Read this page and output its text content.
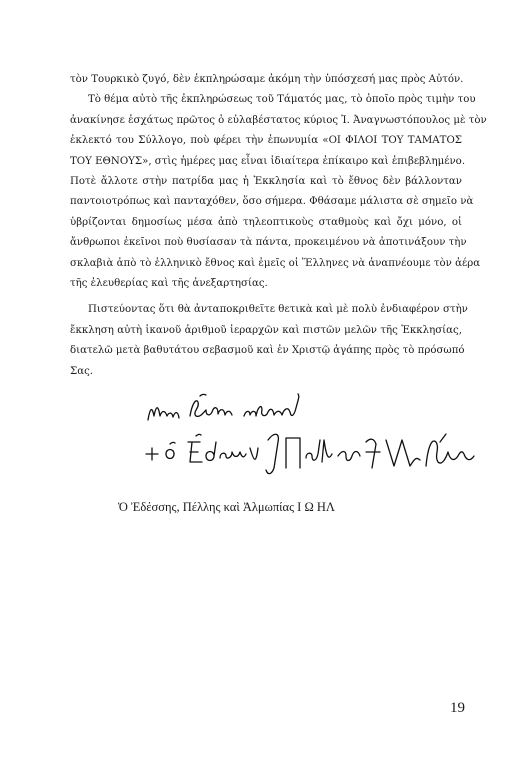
τὸν Τουρκικὸ ζυγό, δὲν ἐκπληρώσαμε ἀκόμη τὴν ὑπόσχεσή μας πρὸς Αὐτόν.

Τὸ θέμα αὐτὸ τῆς ἐκπληρώσεως τοῦ Τάματός μας, τὸ ὁποῖο πρὸς τιμὴν του
ἀνακίνησε ἐσχάτως πρῶτος ὁ εὐλαβέστατος κύριος Ἰ. Ἀναγνωστόπουλος μὲ τὸν
ἐκλεκτό του Σύλλογο, ποὺ φέρει τὴν ἐπωνυμία «ΟΙ ΦΙΛΟΙ ΤΟΥ ΤΑΜΑΤΟΣ
ΤΟΥ ΕΘΝΟΥΣ», στὶς ἡμέρες μας εἶναι ἰδιαίτερα ἐπίκαιρο καὶ ἐπιβεβλημένο.
Ποτὲ ἄλλοτε στὴν πατρίδα μας ἡ Ἐκκλησία καὶ τὸ ἔθνος δὲν βάλλονταν
παντοιοτρόπως καὶ πανταχόθεν, ὅσο σήμερα. Φθάσαμε μάλιστα σὲ σημεῖο νὰ
ὑβρίζονται δημοσίως μέσα ἀπὸ τηλεοπτικοὺς σταθμοὺς καὶ ὄχι μόνο, οἱ
ἄνθρωποι ἐκεῖνοι ποὺ θυσίασαν τὰ πάντα, προκειμένου νὰ ἀποτινάξουν τὴν
σκλαβιὰ ἀπὸ τὸ ἑλληνικὸ ἔθνος καὶ ἐμεῖς οἱ Ἕλληνες νὰ ἀναπνέουμε τὸν ἀέρα
τῆς ἐλευθερίας καὶ τῆς ἀνεξαρτησίας.

Πιστεύοντας ὅτι θὰ ἀνταποκριθεῖτε θετικὰ καὶ μὲ πολὺ ἐνδιαφέρον στὴν
ἔκκληση αὐτὴ ἱκανοῦ ἀριθμοῦ ἱεραρχῶν καὶ πιστῶν μελῶν τῆς Ἐκκλησίας,
διατελῶ μετὰ βαθυτάτου σεβασμοῦ καὶ ἐν Χριστῷ ἀγάπης πρὸς τὸ πρόσωπό
Σας.

Ὁ Ἐδέσσης, Πέλλης καὶ Ἀλμωπίας Ι Ω ΗΛ
19
